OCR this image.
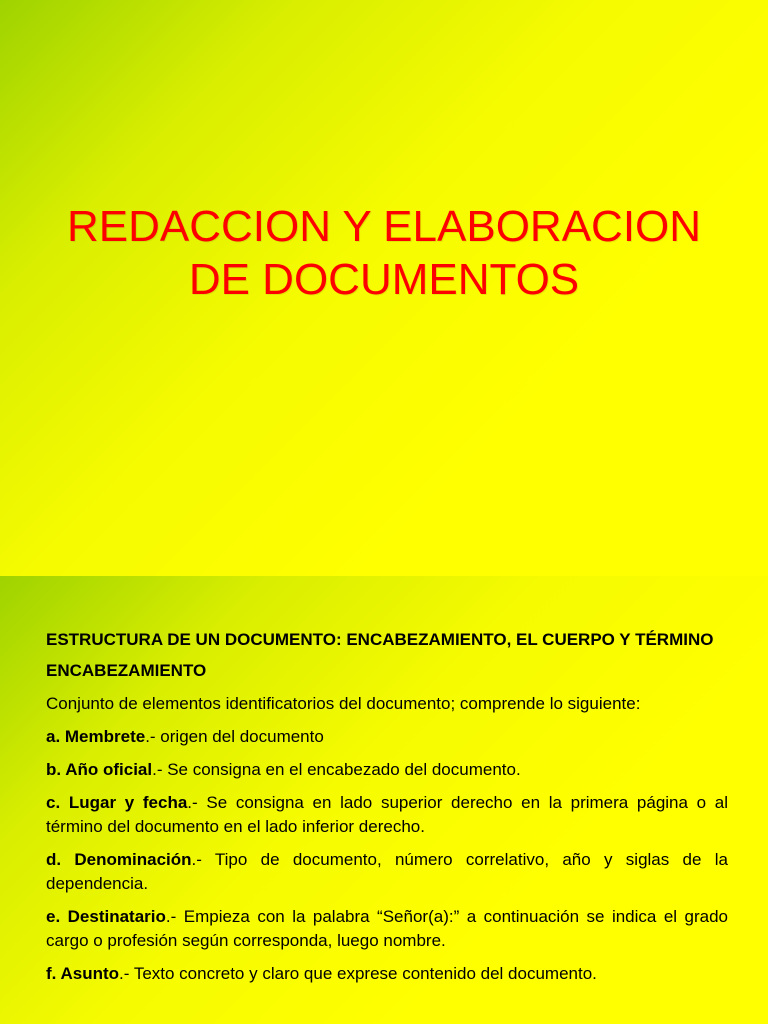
REDACCION Y ELABORACION
DE DOCUMENTOS
ESTRUCTURA DE UN DOCUMENTO: ENCABEZAMIENTO, EL CUERPO Y TÉRMINO
ENCABEZAMIENTO
Conjunto de elementos identificatorios del documento; comprende lo siguiente:
a. Membrete.- origen del documento
b. Año oficial.- Se consigna en el encabezado del documento.
c. Lugar y fecha.- Se consigna en lado superior derecho en la primera página o al término del documento en el lado inferior derecho.
d. Denominación.- Tipo de documento, número correlativo, año y siglas de la dependencia.
e. Destinatario.- Empieza con la palabra “Señor(a):” a continuación se indica el grado cargo o profesión según corresponda, luego nombre.
f. Asunto.- Texto concreto y claro que exprese contenido del documento.
